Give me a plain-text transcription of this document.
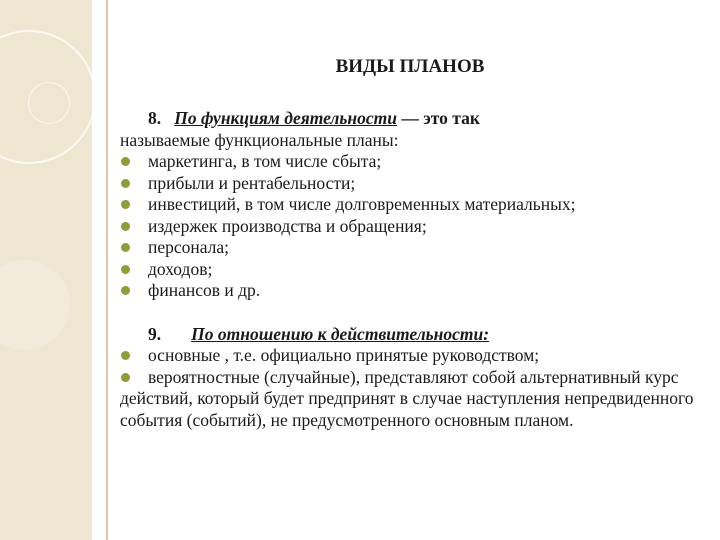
ВИДЫ ПЛАНОВ
8. По функциям деятельности — это так
называемые функциональные планы:
маркетинга, в том числе сбыта;
прибыли и рентабельности;
инвестиций, в том числе долговременных материальных;
издержек производства и обращения;
персонала;
доходов;
финансов и др.
9. По отношению к действительности:
основные , т.е. официально принятые руководством;
вероятностные (случайные), представляют собой альтернативный курс действий, который будет предпринят в случае наступления непредвиденного события (событий), не предусмотренного основным планом.
